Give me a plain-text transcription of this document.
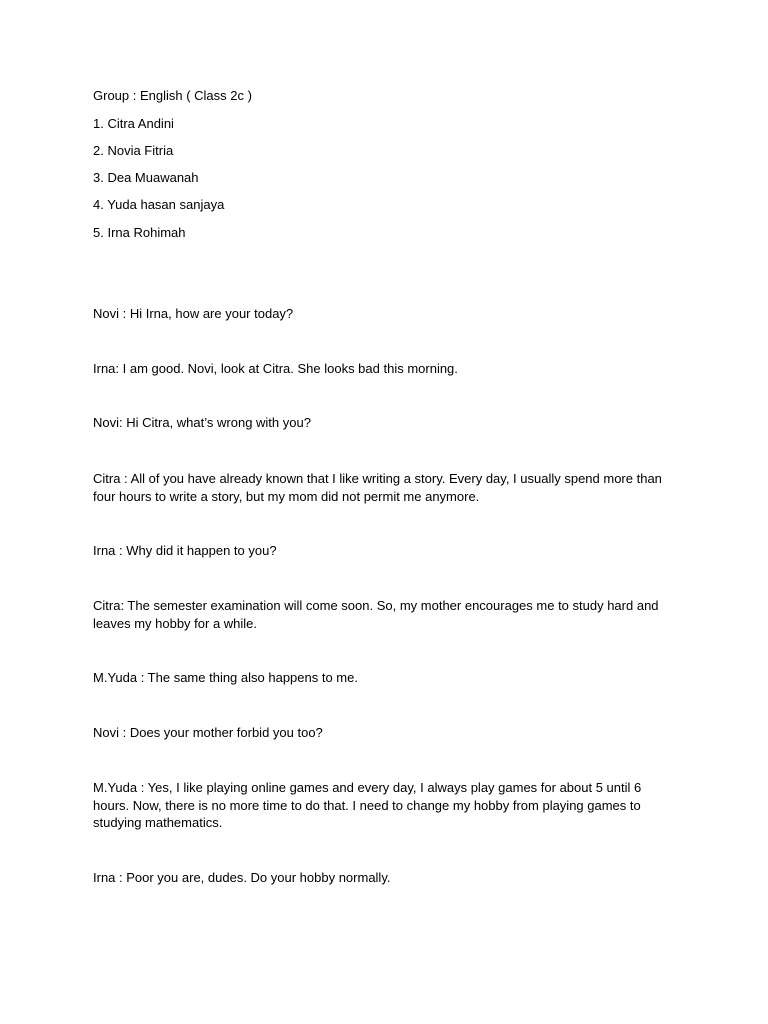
Group : English ( Class 2c )

1. Citra Andini

2. Novia Fitria

3. Dea Muawanah

4. Yuda hasan sanjaya

5. Irna Rohimah

Novi : Hi Irna, how are your today?

Irna: I am good. Novi, look at Citra. She looks bad this morning.

Novi: Hi Citra, what’s wrong with you?

Citra : All of you have already known that I like writing a story. Every day, I usually spend more than four hours to write a story, but my mom did not permit me anymore.

Irna : Why did it happen to you?

Citra: The semester examination will come soon. So, my mother encourages me to study hard and leaves my hobby for a while.

M.Yuda : The same thing also happens to me.

Novi : Does your mother forbid you too?

M.Yuda : Yes, I like playing online games and every day, I always play games for about 5 until 6 hours. Now, there is no more time to do that. I need to change my hobby from playing games to studying mathematics.

Irna : Poor you are, dudes. Do your hobby normally.
